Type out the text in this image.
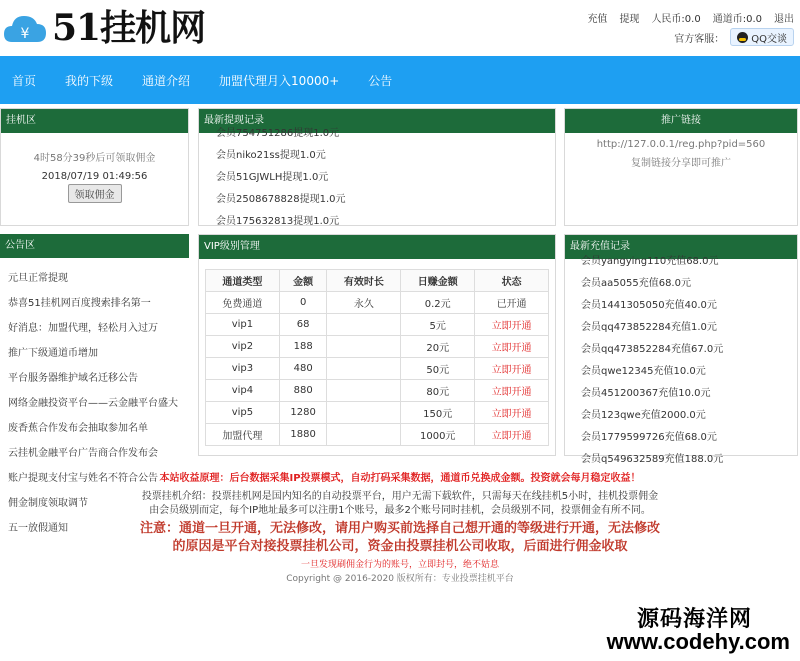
¥ 51挂机网	充值 提现 人民币:0.0 通道币:0.0 退出
官方客服：	QQ交谈
首页 我的下级 通道介绍 加盟代理月入10000+ 公告
挂机区
4时58分39秒后可领取佣金
2018/07/19 01:49:56
领取佣金
最新提现记录
会员754751286提现1.0元
会员niko21ss提现1.0元
会员51GJWLH提现1.0元
会员2508678828提现1.0元
会员175632813提现1.0元
推广链接
http://127.0.0.1/reg.php?pid=560
复制链接分享即可推广
公告区
元旦正常提现
恭喜51挂机网百度搜索排名第一
好消息：加盟代理，轻松月入过万
推广下级通道币增加
平台服务器维护域名迁移公告
网络金融投资平台——云金融平台盛大
废香蕉合作发布会抽取参加名单
云挂机金融平台广告商合作发布会
账户提现支付宝与姓名不符合公告
佣金制度领取调节
五一放假通知
VIP级别管理
通道类型	金额	有效时长	日赚金额	状态
免费通道	0	永久	0.2元	已开通
vip1	68		5元	立即开通
vip2	188		20元	立即开通
vip3	480		50元	立即开通
vip4	880		80元	立即开通
vip5	1280		150元	立即开通
加盟代理	1880		1000元	立即开通
最新充值记录
会员yangying110充值68.0元
会员aa5055充值68.0元
会员1441305050充值40.0元
会员qq473852284充值1.0元
会员qq473852284充值67.0元
会员qwe12345充值10.0元
会员451200367充值10.0元
会员123qwe充值2000.0元
会员1779599726充值68.0元
会员q549632589充值188.0元
本站收益原理：后台数据采集IP投票模式，自动打码采集数据，通道币兑换成金额。投资就会每月稳定收益！
投票挂机介绍：投票挂机网是国内知名的自动投票平台，用户无需下载软件，只需每天在线挂机5小时，挂机投票佣金由会员级别而定，每个IP地址最多可以注册1个账号，最多2个账号同时挂机，会员级别不同，投票佣金有所不同。
注意：通道一旦开通，无法修改，请用户购买前选择自己想开通的等级进行开通，无法修改
的原因是平台对接投票挂机公司，资金由投票挂机公司收取，后面进行佣金收取
一旦发现刷佣金行为的账号，立即封号，绝不姑息
Copyright @ 2016-2020 版权所有：专业投票挂机平台
源码海洋网
www.codehy.com
